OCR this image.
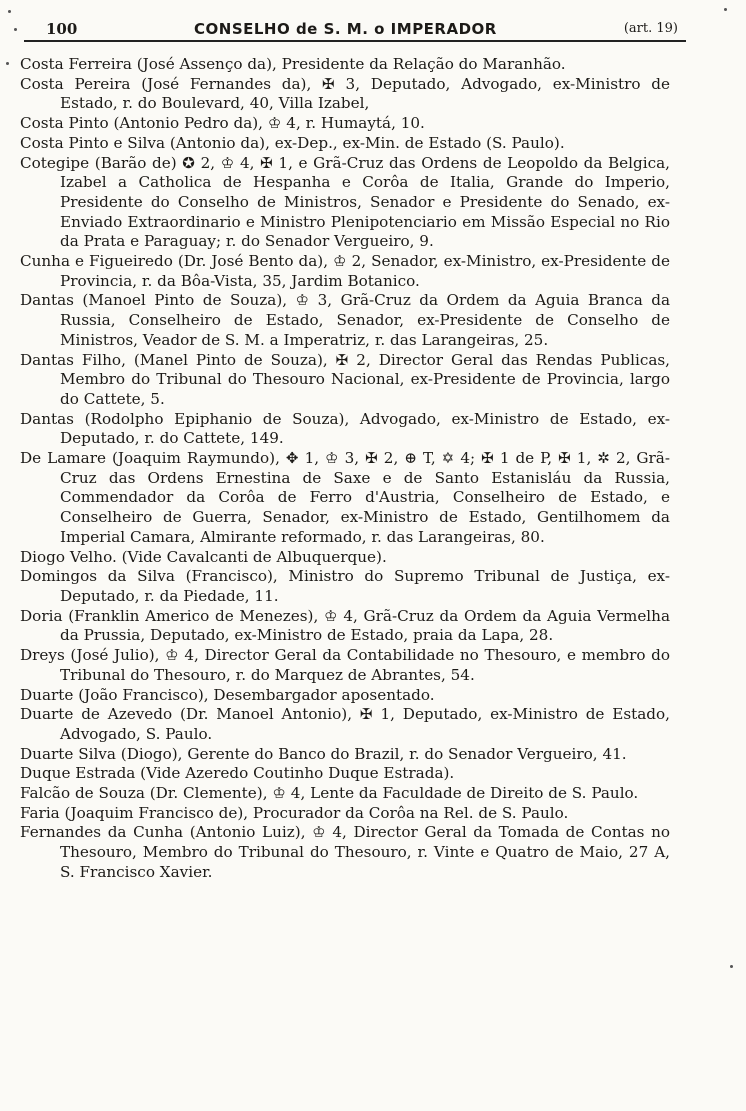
100	CONSELHO de S. M. o IMPERADOR	(art. 19)

Costa Ferreira (José Assenço da), Presidente da Relação do Maranhão.

Costa Pereira (José Fernandes da), ✠ 3, Deputado, Advogado, ex-Ministro de Estado, r. do Boulevard, 40, Villa Izabel,

Costa Pinto (Antonio Pedro da), ♔ 4, r. Humaytá, 10.

Costa Pinto e Silva (Antonio da), ex-Dep., ex-Min. de Estado (S. Paulo).

Cotegipe (Barão de) ✪ 2, ♔ 4, ✠ 1, e Grã-Cruz das Ordens de Leopoldo da Belgica, Izabel a Catholica de Hespanha e Corôa de Italia, Grande do Imperio, Presidente do Conselho de Ministros, Senador e Presidente do Senado, ex-Enviado Extraordinario e Ministro Plenipotenciario em Missão Especial no Rio da Prata e Paraguay; r. do Senador Vergueiro, 9.

Cunha e Figueiredo (Dr. José Bento da), ♔ 2, Senador, ex-Ministro, ex-Presidente de Provincia, r. da Bôa-Vista, 35, Jardim Botanico.

Dantas (Manoel Pinto de Souza), ♔ 3, Grã-Cruz da Ordem da Aguia Branca da Russia, Conselheiro de Estado, Senador, ex-Presidente de Conselho de Ministros, Veador de S. M. a Imperatriz, r. das Larangeiras, 25.

Dantas Filho, (Manel Pinto de Souza), ✠ 2, Director Geral das Rendas Publicas, Membro do Tribunal do Thesouro Nacional, ex-Presidente de Provincia, largo do Cattete, 5.

Dantas (Rodolpho Epiphanio de Souza), Advogado, ex-Ministro de Estado, ex-Deputado, r. do Cattete, 149.

De Lamare (Joaquim Raymundo), ✥ 1, ♔ 3, ✠ 2, ⊕ T, ✡ 4; ✠ 1 de P, ✠ 1, ✲ 2, Grã-Cruz das Ordens Ernestina de Saxe e de Santo Estanisláu da Russia, Commendador da Corôa de Ferro d'Austria, Conselheiro de Estado, e Conselheiro de Guerra, Senador, ex-Ministro de Estado, Gentilhomem da Imperial Camara, Almirante reformado, r. das Larangeiras, 80.

Diogo Velho. (Vide Cavalcanti de Albuquerque).

Domingos da Silva (Francisco), Ministro do Supremo Tribunal de Justiça, ex-Deputado, r. da Piedade, 11.

Doria (Franklin Americo de Menezes), ♔ 4, Grã-Cruz da Ordem da Aguia Vermelha da Prussia, Deputado, ex-Ministro de Estado, praia da Lapa, 28.

Dreys (José Julio), ♔ 4, Director Geral da Contabilidade no Thesouro, e membro do Tribunal do Thesouro, r. do Marquez de Abrantes, 54.

Duarte (João Francisco), Desembargador aposentado.

Duarte de Azevedo (Dr. Manoel Antonio), ✠ 1, Deputado, ex-Ministro de Estado, Advogado, S. Paulo.

Duarte Silva (Diogo), Gerente do Banco do Brazil, r. do Senador Vergueiro, 41.

Duque Estrada (Vide Azeredo Coutinho Duque Estrada).

Falcão de Souza (Dr. Clemente), ♔ 4, Lente da Faculdade de Direito de S. Paulo.

Faria (Joaquim Francisco de), Procurador da Corôa na Rel. de S. Paulo.

Fernandes da Cunha (Antonio Luiz), ♔ 4, Director Geral da Tomada de Contas no Thesouro, Membro do Tribunal do Thesouro, r. Vinte e Quatro de Maio, 27 A, S. Francisco Xavier.
